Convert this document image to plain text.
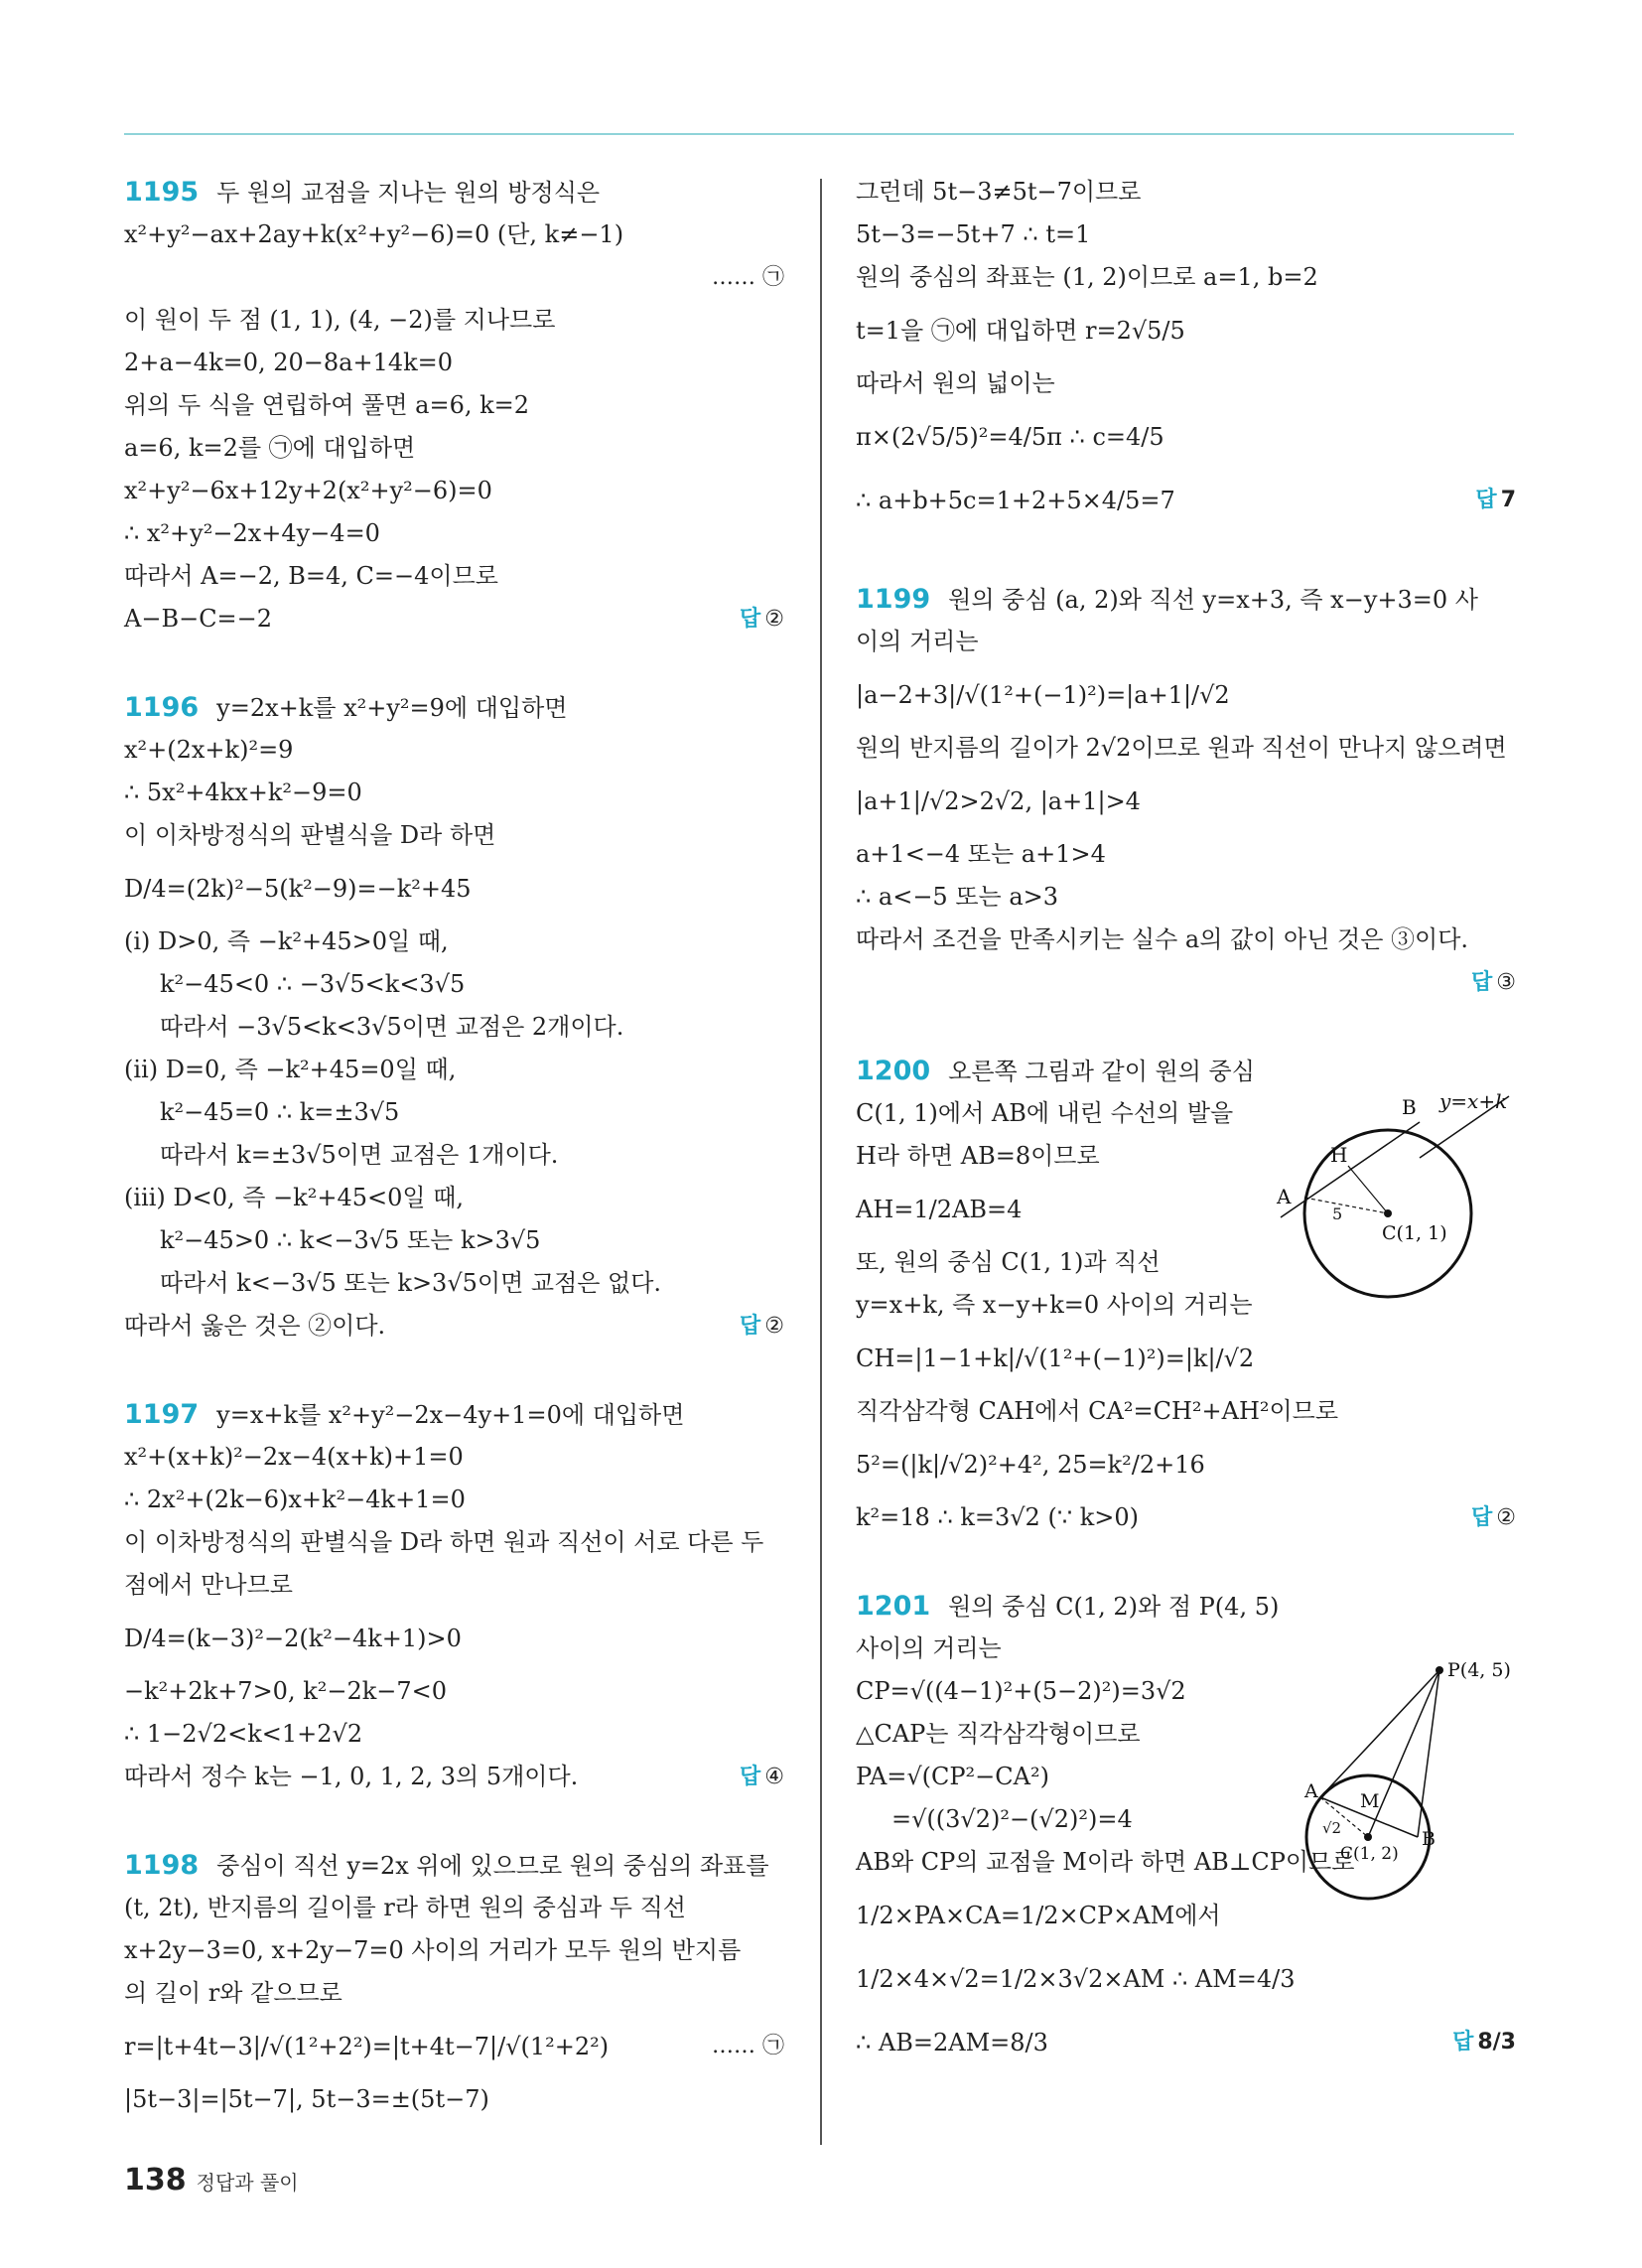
1195 두 원의 교점을 지나는 원의 방정식은
x²+y²−ax+2ay+k(x²+y²−6)=0 (단, k≠−1)
…… ㉠
이 원이 두 점 (1, 1), (4, −2)를 지나므로
2+a−4k=0, 20−8a+14k=0
위의 두 식을 연립하여 풀면 a=6, k=2
a=6, k=2를 ㉠에 대입하면
x²+y²−6x+12y+2(x²+y²−6)=0
∴ x²+y²−2x+4y−4=0
따라서 A=−2, B=4, C=−4이므로
A−B−C=−2	답 ②
1196 y=2x+k를 x²+y²=9에 대입하면
x²+(2x+k)²=9
∴ 5x²+4kx+k²−9=0
이 이차방정식의 판별식을 D라 하면
D/4=(2k)²−5(k²−9)=−k²+45
(ⅰ) D>0, 즉 −k²+45>0일 때,
k²−45<0 ∴ −3√5<k<3√5
따라서 −3√5<k<3√5이면 교점은 2개이다.
(ⅱ) D=0, 즉 −k²+45=0일 때,
k²−45=0 ∴ k=±3√5
따라서 k=±3√5이면 교점은 1개이다.
(ⅲ) D<0, 즉 −k²+45<0일 때,
k²−45>0 ∴ k<−3√5 또는 k>3√5
따라서 k<−3√5 또는 k>3√5이면 교점은 없다.
따라서 옳은 것은 ②이다.	답 ②
1197 y=x+k를 x²+y²−2x−4y+1=0에 대입하면
x²+(x+k)²−2x−4(x+k)+1=0
∴ 2x²+(2k−6)x+k²−4k+1=0
이 이차방정식의 판별식을 D라 하면 원과 직선이 서로 다른 두
점에서 만나므로
D/4=(k−3)²−2(k²−4k+1)>0
−k²+2k+7>0, k²−2k−7<0
∴ 1−2√2<k<1+2√2
따라서 정수 k는 −1, 0, 1, 2, 3의 5개이다.	답 ④
1198 중심이 직선 y=2x 위에 있으므로 원의 중심의 좌표를
(t, 2t), 반지름의 길이를 r라 하면 원의 중심과 두 직선
x+2y−3=0, x+2y−7=0 사이의 거리가 모두 원의 반지름
의 길이 r와 같으므로
r=|t+4t−3|/√(1²+2²)=|t+4t−7|/√(1²+2²)	…… ㉠
|5t−3|=|5t−7|, 5t−3=±(5t−7)
그런데 5t−3≠5t−7이므로
5t−3=−5t+7 ∴ t=1
원의 중심의 좌표는 (1, 2)이므로 a=1, b=2
t=1을 ㉠에 대입하면 r=2√5/5
따라서 원의 넓이는
π×(2√5/5)²=4/5π ∴ c=4/5
∴ a+b+5c=1+2+5×4/5=7	답 7
1199 원의 중심 (a, 2)와 직선 y=x+3, 즉 x−y+3=0 사
이의 거리는
|a−2+3|/√(1²+(−1)²)=|a+1|/√2
원의 반지름의 길이가 2√2이므로 원과 직선이 만나지 않으려면
|a+1|/√2>2√2, |a+1|>4
a+1<−4 또는 a+1>4
∴ a<−5 또는 a>3
따라서 조건을 만족시키는 실수 a의 값이 아닌 것은 ③이다.
답 ③
1200 오른쪽 그림과 같이 원의 중심
C(1, 1)에서 AB에 내린 수선의 발을
H라 하면 AB=8이므로
AH=1/2AB=4
또, 원의 중심 C(1, 1)과 직선
y=x+k, 즉 x−y+k=0 사이의 거리는
CH=|1−1+k|/√(1²+(−1)²)=|k|/√2
직각삼각형 CAH에서 CA²=CH²+AH²이므로
5²=(|k|/√2)²+4², 25=k²/2+16
k²=18 ∴ k=3√2 (∵ k>0)	답 ②
1201 원의 중심 C(1, 2)와 점 P(4, 5)
사이의 거리는
CP=√((4−1)²+(5−2)²)=3√2
△CAP는 직각삼각형이므로
PA=√(CP²−CA²)
=√((3√2)²−(√2)²)=4
AB와 CP의 교점을 M이라 하면 AB⊥CP이므로
1/2×PA×CA=1/2×CP×AM에서
1/2×4×√2=1/2×3√2×AM ∴ AM=4/3
∴ AB=2AM=8/3	답 8/3
y=x+k
B
H
A
C(1, 1)
5
P(4, 5)
A M
B
C(1, 2)
√2
138 정답과 풀이
